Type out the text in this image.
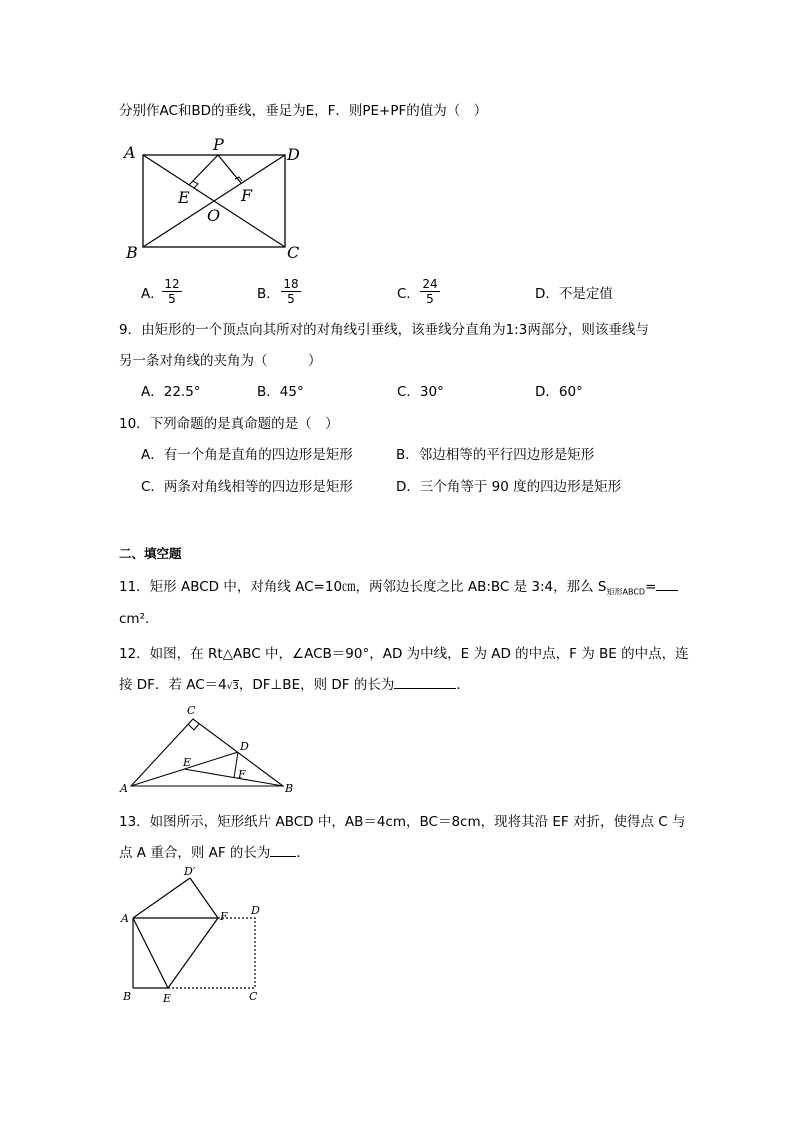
分别作AC和BD的垂线，垂足为E，F．则PE+PF的值为（　）
A	P
D
E	F
O
B	C
A．
$\frac{12}{5}$	B． $\frac{18}{5}$	C． $\frac{24}{5}$	D．不是定值
9．由矩形的一个顶点向其所对的对角线引垂线，该垂线分直角为1:3两部分，则该垂线与
另一条对角线的夹角为（　　　）
A．22.5°	B．45°	C．30°	D．60°
10．下列命题的是真命题的是（　）
A．有一个角是直角的四边形是矩形	B．邻边相等的平行四边形是矩形
C．两条对角线相等的四边形是矩形	D．三个角等于 90 度的四边形是矩形
二、填空题
11．矩形 ABCD 中，对角线 AC=10㎝，两邻边长度之比 AB:BC 是 3:4，那么 $S_{矩形ABCD}=$
cm².
12．如图，在 Rt△ABC 中，∠ACB＝90°，AD 为中线，E 为 AD 的中点，F 为 BE 的中点，连
接 DF．若 AC＝4√3，DF⊥BE，则 DF 的长为	．
C
D
E
F
A	B
13．如图所示，矩形纸片 ABCD 中，AB＝4cm，BC＝8cm，现将其沿 EF 对折，使得点 C 与
点 A 重合，则 AF 的长为 ．
D′
A	F D
B	E	C
